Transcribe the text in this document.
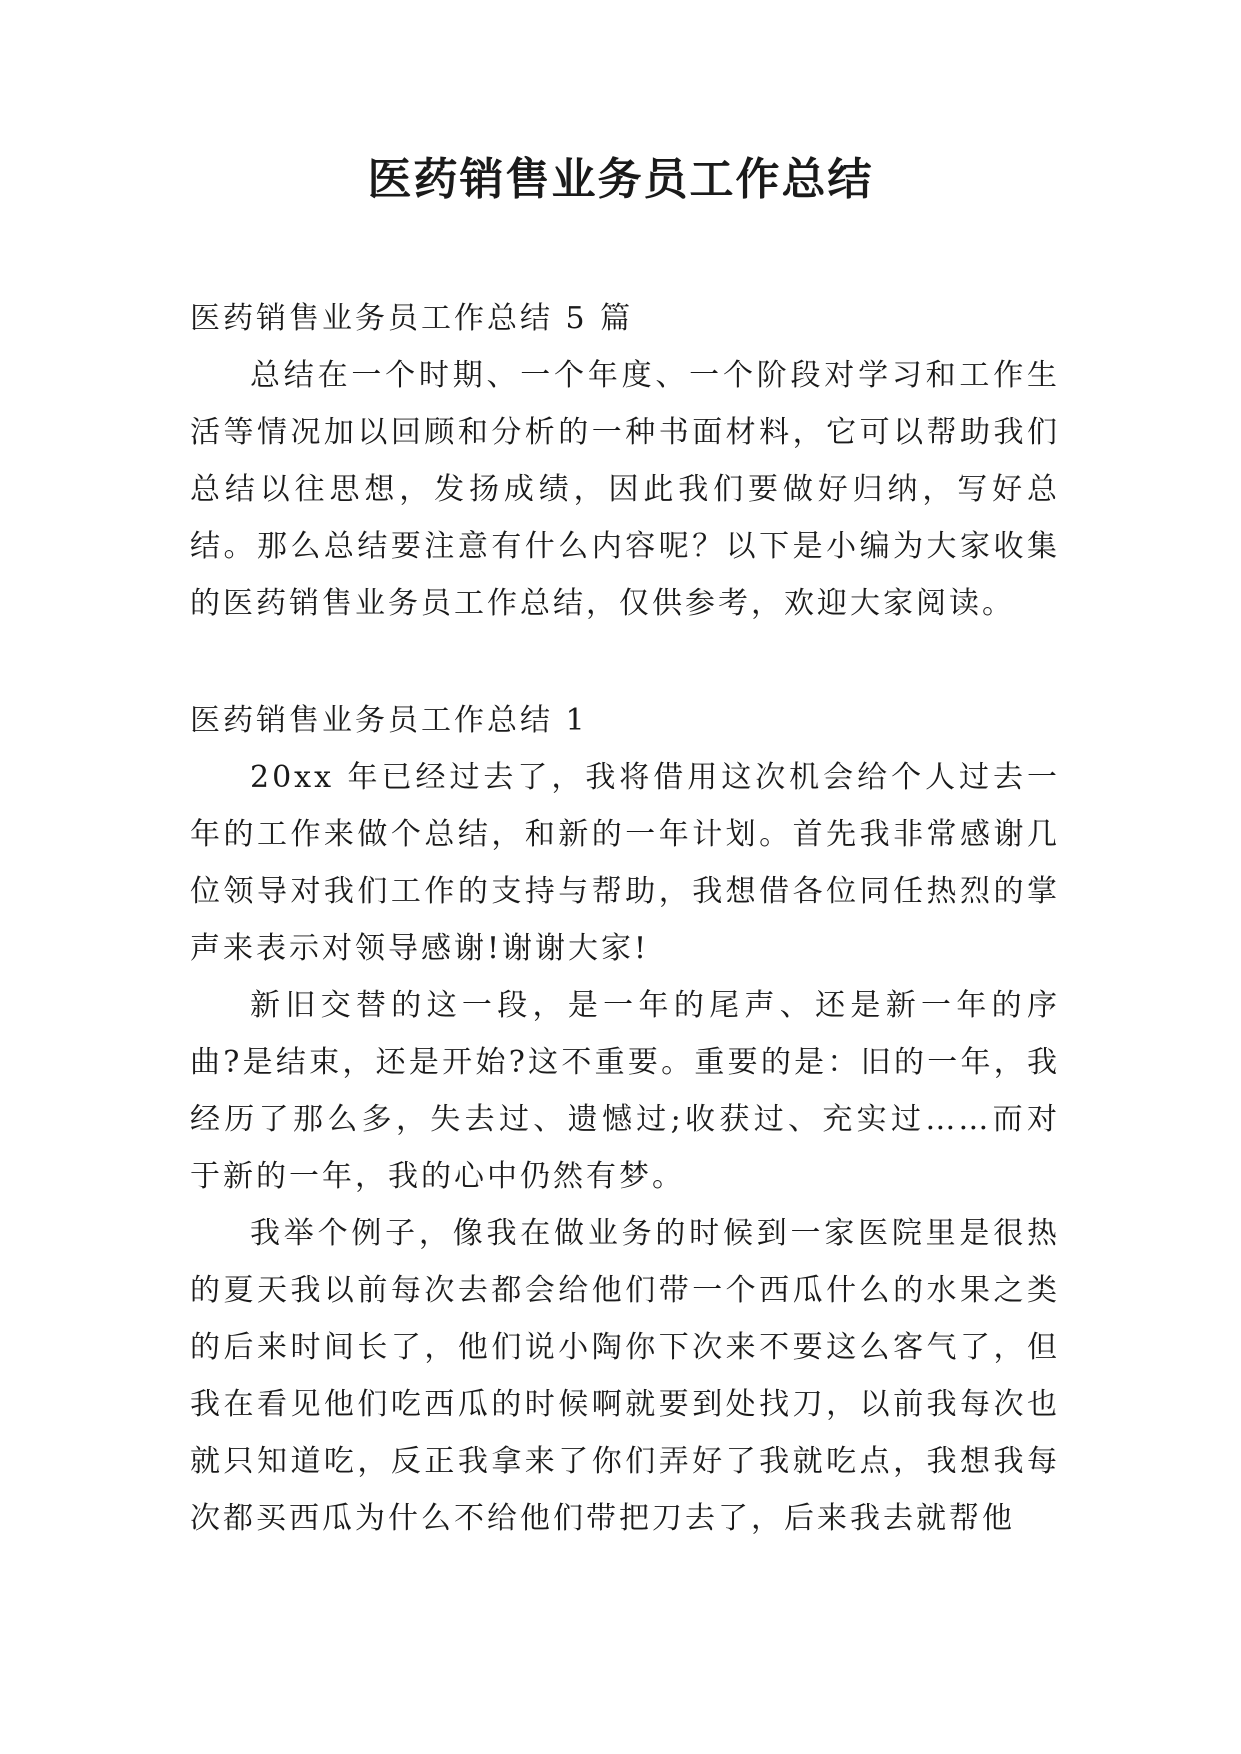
医药销售业务员工作总结

医药销售业务员工作总结 5 篇

总结在一个时期、一个年度、一个阶段对学习和工作生活等情况加以回顾和分析的一种书面材料，它可以帮助我们总结以往思想，发扬成绩，因此我们要做好归纳，写好总结。那么总结要注意有什么内容呢？以下是小编为大家收集的医药销售业务员工作总结，仅供参考，欢迎大家阅读。

医药销售业务员工作总结 1

20xx 年已经过去了，我将借用这次机会给个人过去一年的工作来做个总结，和新的一年计划。首先我非常感谢几位领导对我们工作的支持与帮助，我想借各位同任热烈的掌声来表示对领导感谢!谢谢大家!

新旧交替的这一段，是一年的尾声、还是新一年的序曲?是结束，还是开始?这不重要。重要的是：旧的一年，我经历了那么多，失去过、遗憾过;收获过、充实过……而对于新的一年，我的心中仍然有梦。

我举个例子，像我在做业务的时候到一家医院里是很热的夏天我以前每次去都会给他们带一个西瓜什么的水果之类的后来时间长了，他们说小陶你下次来不要这么客气了，但我在看见他们吃西瓜的时候啊就要到处找刀，以前我每次也就只知道吃，反正我拿来了你们弄好了我就吃点，我想我每次都买西瓜为什么不给他们带把刀去了，后来我去就帮他
